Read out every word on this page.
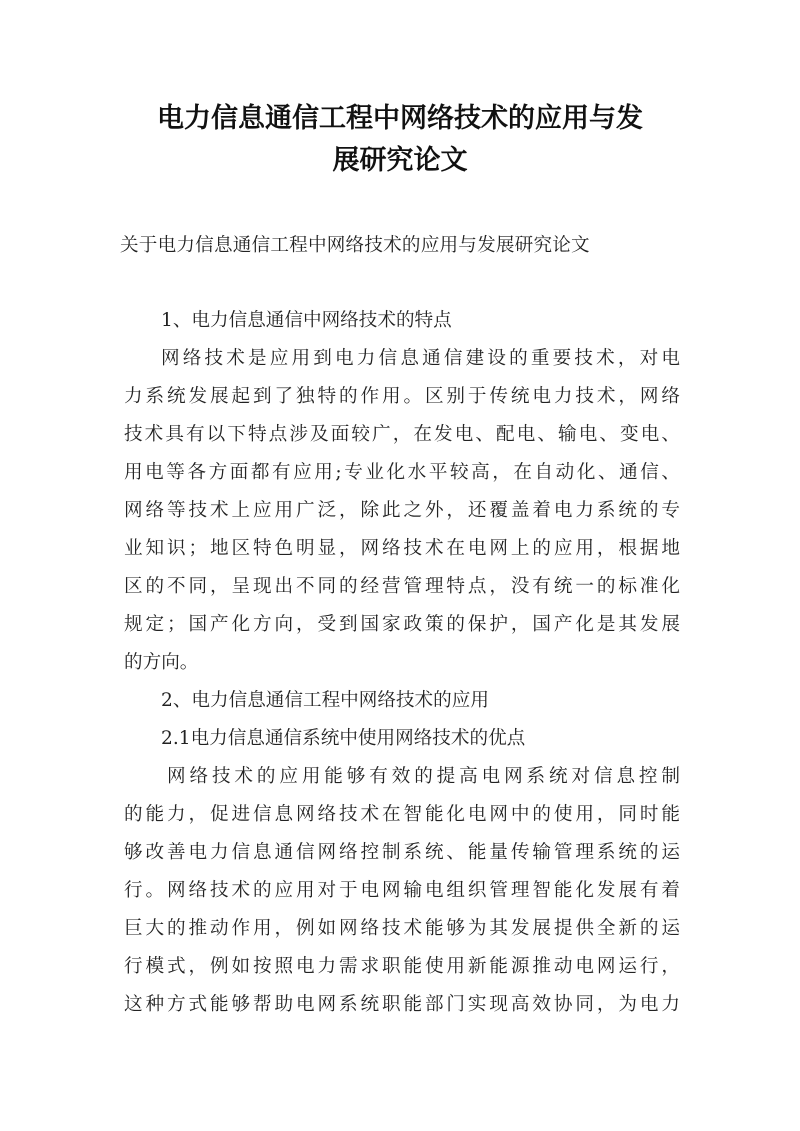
电力信息通信工程中网络技术的应用与发
展研究论文
关于电力信息通信工程中网络技术的应用与发展研究论文
1、电力信息通信中网络技术的特点
网络技术是应用到电力信息通信建设的重要技术，对电
力系统发展起到了独特的作用。区别于传统电力技术，网络
技术具有以下特点涉及面较广，在发电、配电、输电、变电、
用电等各方面都有应用;专业化水平较高，在自动化、通信、
网络等技术上应用广泛，除此之外，还覆盖着电力系统的专
业知识；地区特色明显，网络技术在电网上的应用，根据地
区的不同，呈现出不同的经营管理特点，没有统一的标准化
规定；国产化方向，受到国家政策的保护，国产化是其发展
的方向。
2、电力信息通信工程中网络技术的应用
2.1电力信息通信系统中使用网络技术的优点
网络技术的应用能够有效的提高电网系统对信息控制
的能力，促进信息网络技术在智能化电网中的使用，同时能
够改善电力信息通信网络控制系统、能量传输管理系统的运
行。网络技术的应用对于电网输电组织管理智能化发展有着
巨大的推动作用，例如网络技术能够为其发展提供全新的运
行模式，例如按照电力需求职能使用新能源推动电网运行，
这种方式能够帮助电网系统职能部门实现高效协同，为电力
